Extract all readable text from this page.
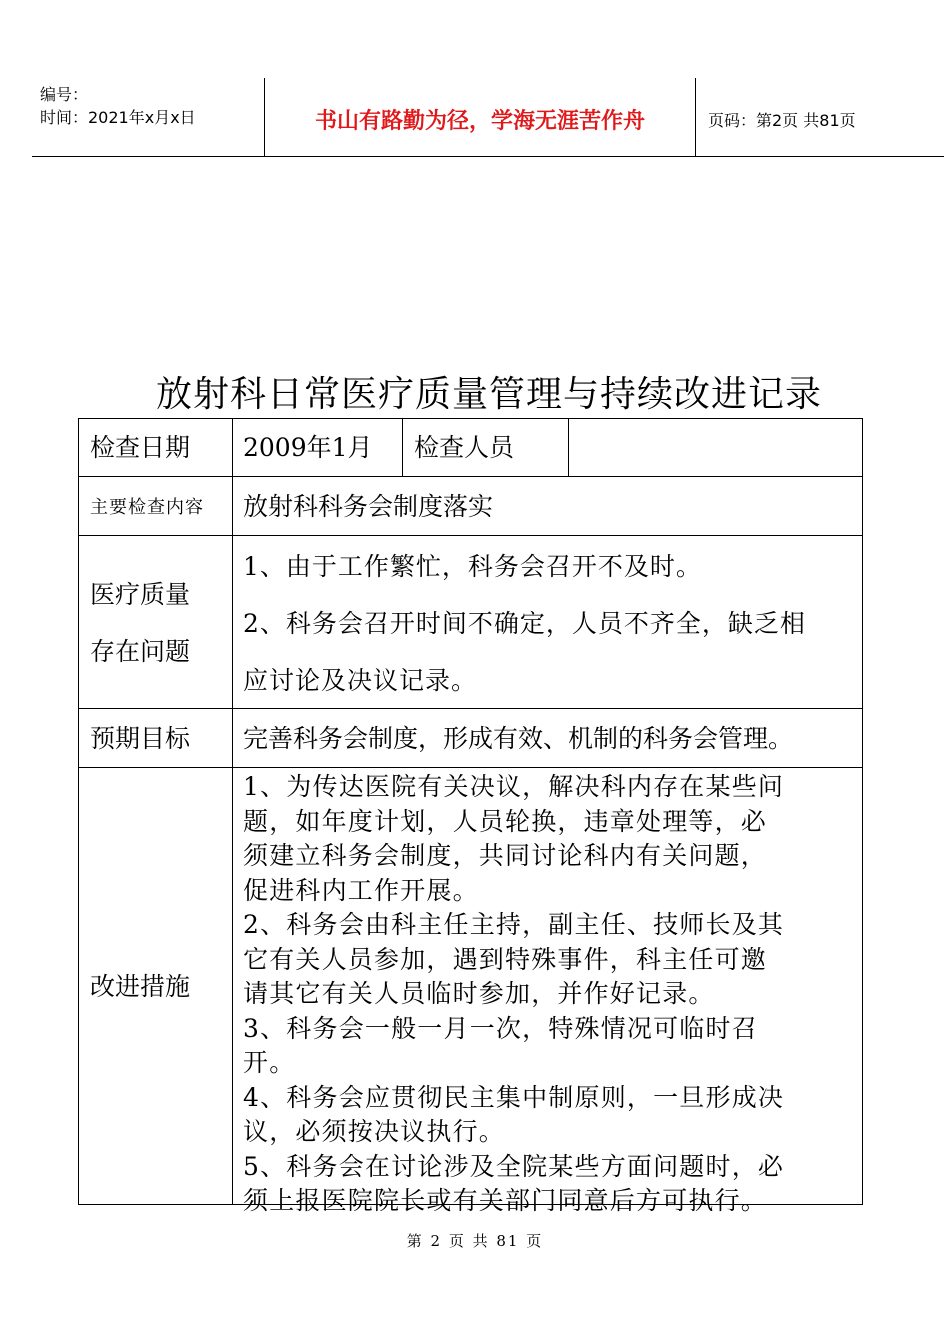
编号：
时间：2021年x月x日	书山有路勤为径，学海无涯苦作舟	页码：第2页 共81页
放射科日常医疗质量管理与持续改进记录
检查日期 2009年1月 检查人员
主要检查内容 放射科科务会制度落实
医疗质量
存在问题
1、由于工作繁忙，科务会召开不及时。
2、科务会召开时间不确定，人员不齐全，缺乏相
应讨论及决议记录。
预期目标 完善科务会制度，形成有效、机制的科务会管理。
改进措施
1、为传达医院有关决议，解决科内存在某些问
题，如年度计划，人员轮换，违章处理等，必
须建立科务会制度，共同讨论科内有关问题，
促进科内工作开展。
2、科务会由科主任主持，副主任、技师长及其
它有关人员参加，遇到特殊事件，科主任可邀
请其它有关人员临时参加，并作好记录。
3、科务会一般一月一次，特殊情况可临时召
开。
4、科务会应贯彻民主集中制原则，一旦形成决
议，必须按决议执行。
5、科务会在讨论涉及全院某些方面问题时，必
须上报医院院长或有关部门同意后方可执行。
第 2 页 共 81 页
